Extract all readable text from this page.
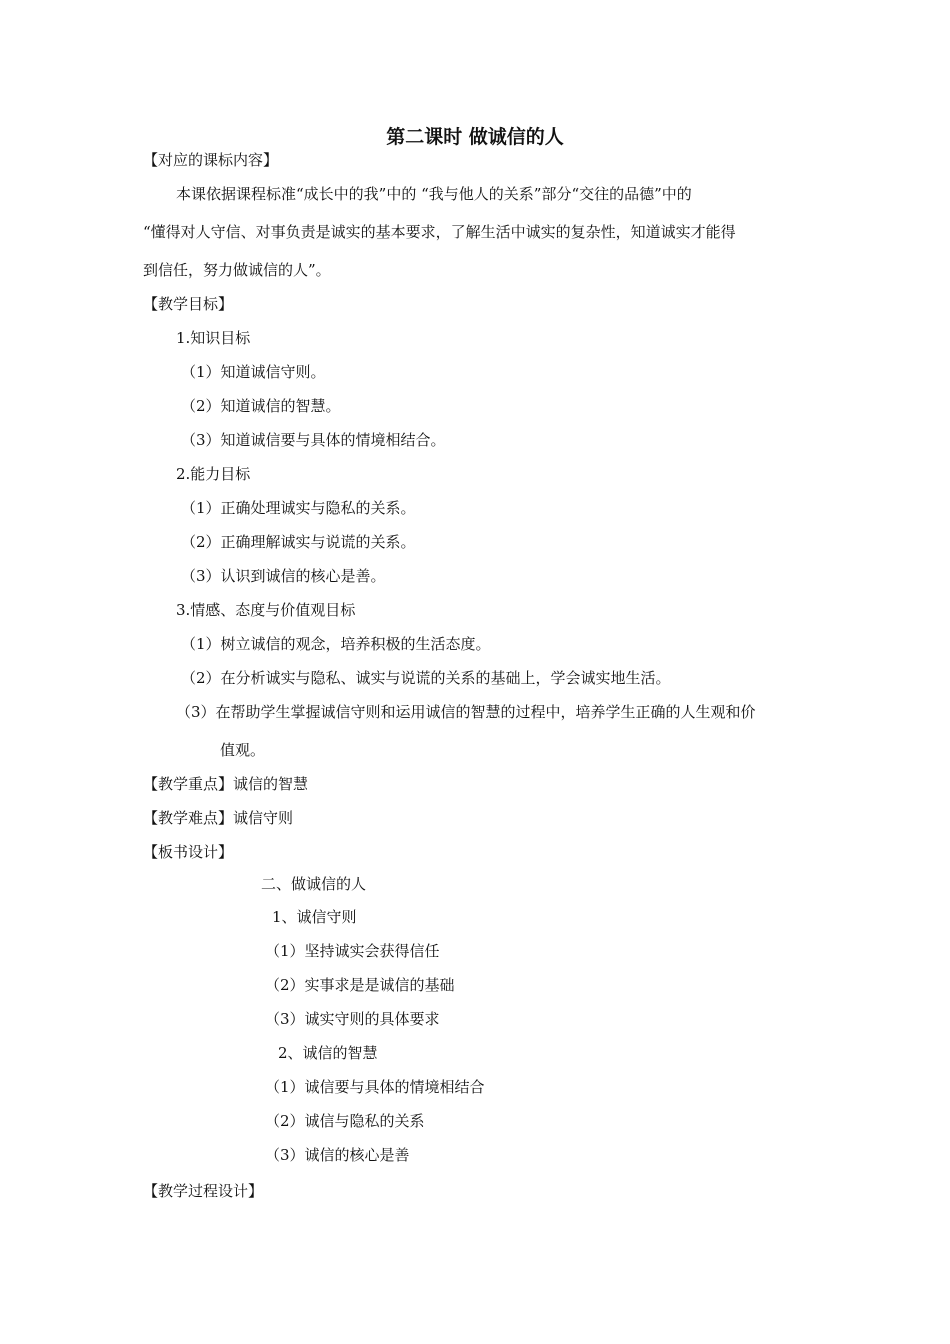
第二课时 做诚信的人
【对应的课标内容】
本课依据课程标准“成长中的我”中的 “我与他人的关系”部分“交往的品德”中的
“懂得对人守信、对事负责是诚实的基本要求，了解生活中诚实的复杂性，知道诚实才能得
到信任，努力做诚信的人”。
【教学目标】
1.知识目标
（1）知道诚信守则。
（2）知道诚信的智慧。
（3）知道诚信要与具体的情境相结合。
2.能力目标
（1）正确处理诚实与隐私的关系。
（2）正确理解诚实与说谎的关系。
（3）认识到诚信的核心是善。
3.情感、态度与价值观目标
（1）树立诚信的观念，培养积极的生活态度。
（2）在分析诚实与隐私、诚实与说谎的关系的基础上，学会诚实地生活。
（3）在帮助学生掌握诚信守则和运用诚信的智慧的过程中，培养学生正确的人生观和价
值观。
【教学重点】诚信的智慧
【教学难点】诚信守则
【板书设计】
二、做诚信的人
1、诚信守则
（1）坚持诚实会获得信任
（2）实事求是是诚信的基础
（3）诚实守则的具体要求
2、诚信的智慧
（1）诚信要与具体的情境相结合
（2）诚信与隐私的关系
（3）诚信的核心是善
【教学过程设计】
